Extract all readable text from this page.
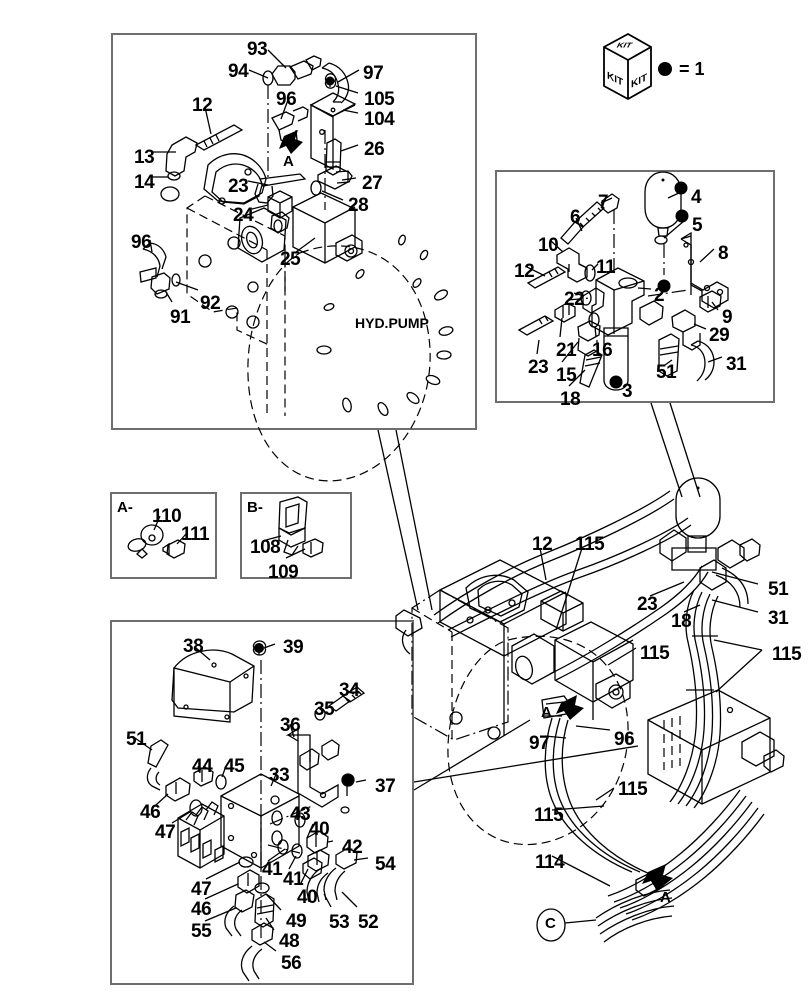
93
94	97
12	105
104
96
13	26
14	23	27
28
24
25
96
92
91
7	4
6	5
10	8
12	11
2
22
9
21 16
29
23 15	51	31
18 3
110
111
108
109
38	39
34
35
36
51
44 45 33
37
46	43
47	40
42
41 41
54
47	40
46
49 53 52
55	48
56
12 115
51
23
18	31
115	115
96
97
115
115
114
HYD.PUMP
A
A
A
C
A-	B-
KIT
KIT KIT
= 1
